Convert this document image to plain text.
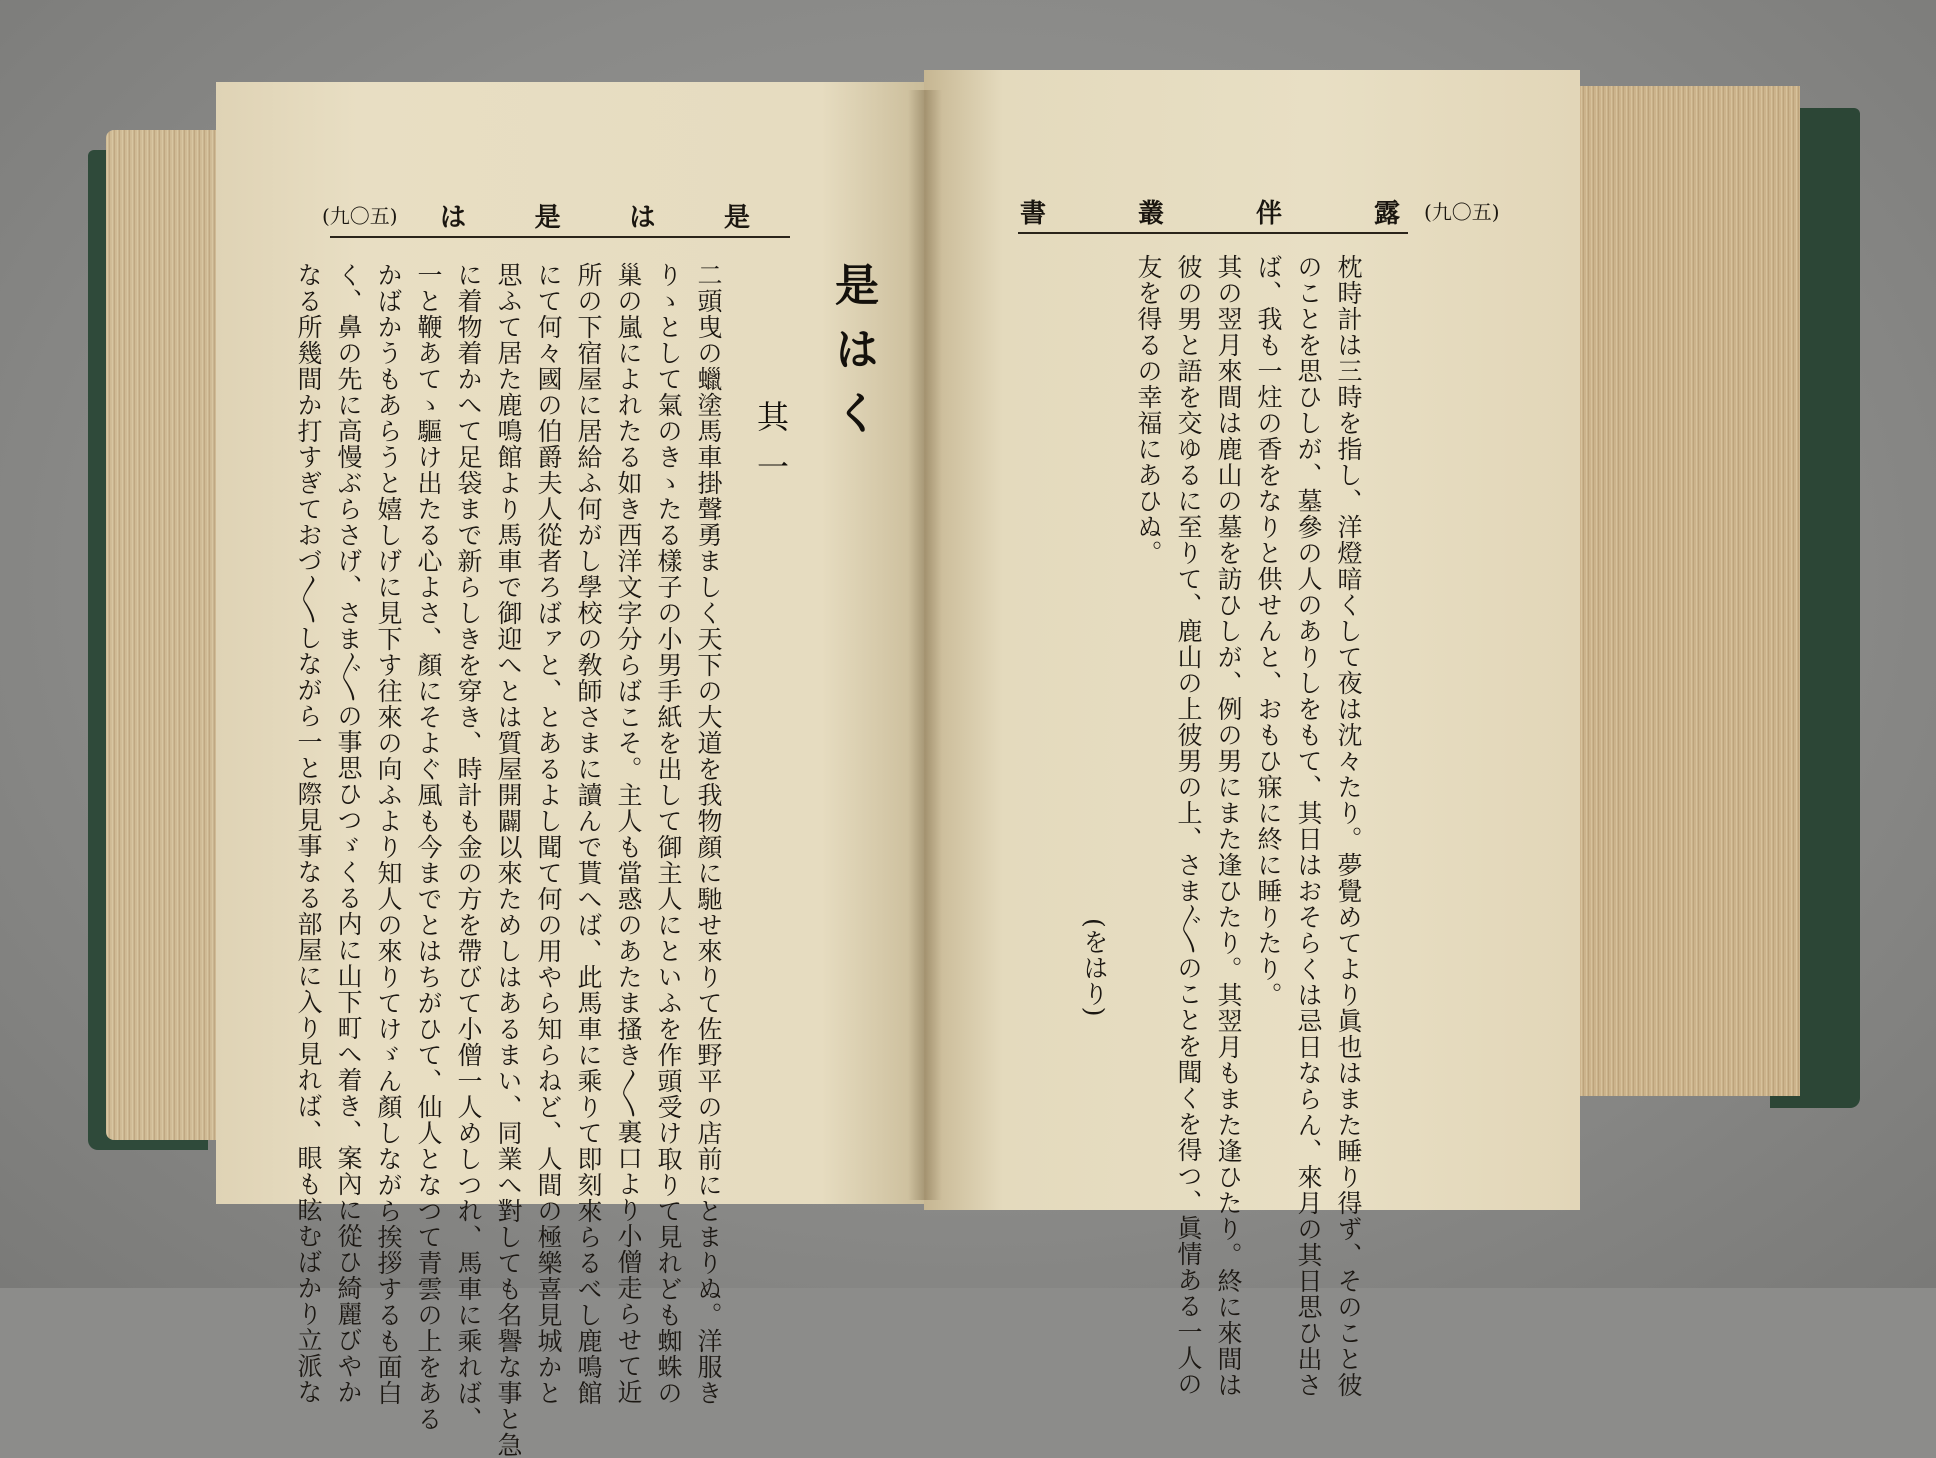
(九〇五) は	是	は	是	書	叢	伴	露 (九〇五)
是はく
其一
二頭曳の蠟塗馬車掛聲勇ましく天下の大道を我物顔に馳せ來りて佐野平の店前にとまりぬ。洋服き
りゝとして氣のきゝたる樣子の小男手紙を出して御主人にといふを作頭受け取りて見れども蜘蛛の
巢の嵐によれたる如き西洋文字分らばこそ。主人も當惑のあたま搔き〳〵裏口より小僧走らせて近
所の下宿屋に居給ふ何がし學校の敎師さまに讀んで貰へば、此馬車に乘りて即刻來らるべし鹿鳴館
にて何々國の伯爵夫人從者ろばァと、とあるよし聞て何の用やら知らねど、人間の極樂喜見城かと
思ふて居た鹿鳴館より馬車で御迎へとは質屋開闢以來ためしはあるまい、同業へ對しても名譽な事と急
に着物着かへて足袋まで新らしきを穿き、時計も金の方を帶びて小僧一人めしつれ、馬車に乘れば、
一と鞭あてゝ驅け出たる心よさ、顏にそよぐ風も今までとはちがひて、仙人となつて青雲の上をある
かばかうもあらうと嬉しげに見下す往來の向ふより知人の來りてけゞん顏しながら挨拶するも面白
く、鼻の先に高慢ぶらさげ、さま〴〵の事思ひつゞくる内に山下町へ着き、案內に從ひ綺麗びやか
なる所幾間か打すぎておづ〳〵しながら一と際見事なる部屋に入り見れば、眼も眩むばかり立派な	枕時計は三時を指し、洋燈暗くして夜は沈々たり。夢覺めてより眞也はまた睡り得ず、そのこと彼
のことを思ひしが、墓參の人のありしをもて、其日はおそらくは忌日ならん、來月の其日思ひ出さ
ば、我も一炷の香をなりと供せんと、おもひ寐に終に睡りたり。
其の翌月來間は鹿山の墓を訪ひしが、例の男にまた逢ひたり。其翌月もまた逢ひたり。終に來間は
彼の男と語を交ゆるに至りて、鹿山の上彼男の上、さま〴〵のことを聞くを得つ、眞情ある一人の
友を得るの幸福にあひぬ。
(をはり)
